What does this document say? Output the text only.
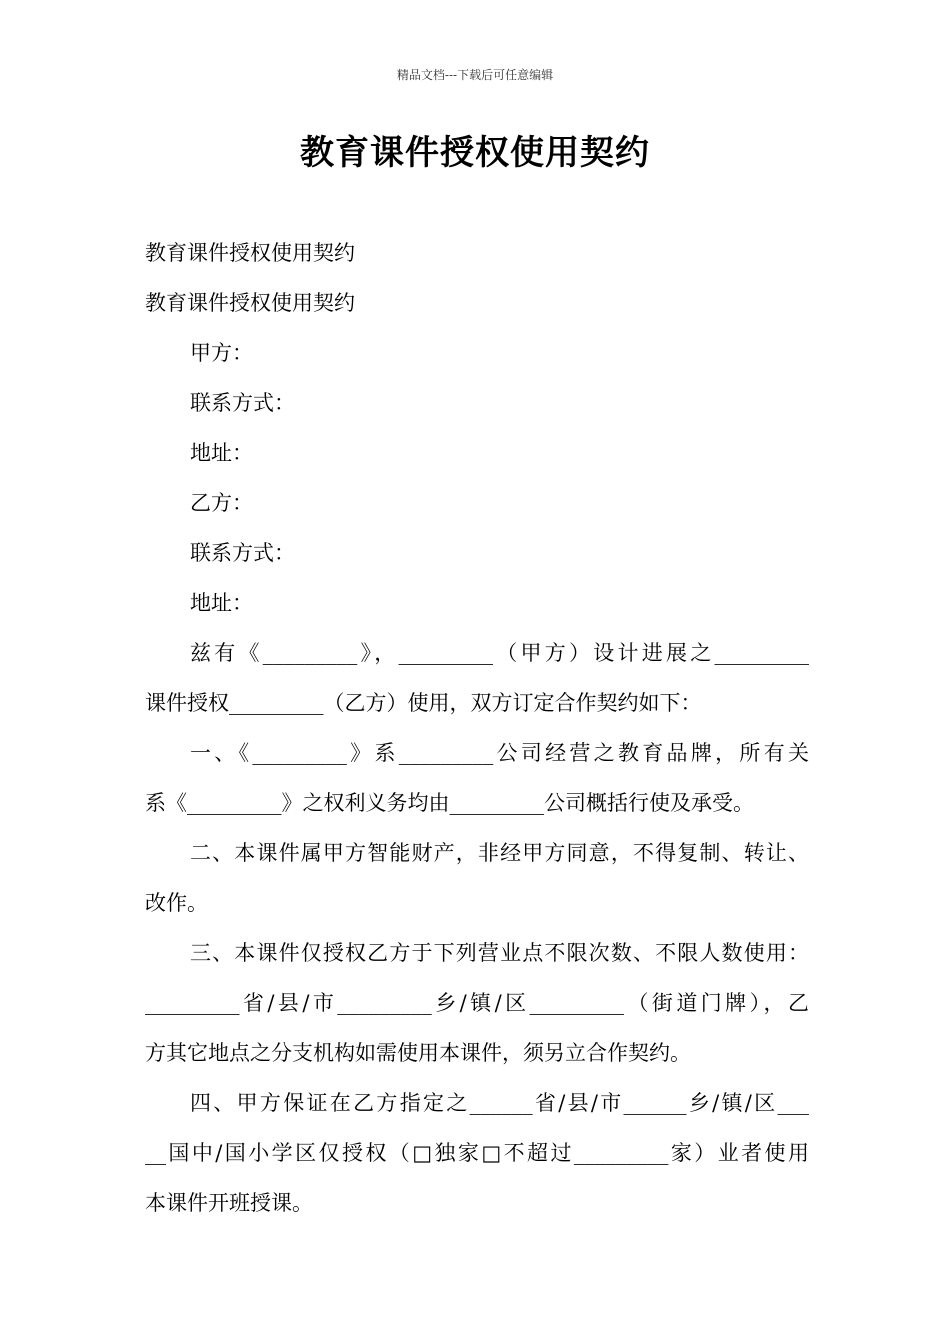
精品文档---下载后可任意编辑
教育课件授权使用契约
教育课件授权使用契约
教育课件授权使用契约
甲方：
联系方式：
地址：
乙方：
联系方式：
地址：
兹有《_________》，_________（甲方）设计进展之_________
课件授权_________（乙方）使用，双方订定合作契约如下：
一、《_________》系_________公司经营之教育品牌，所有关
系《_________》之权利义务均由_________公司概括行使及承受。
二、本课件属甲方智能财产，非经甲方同意，不得复制、转让、
改作。
三、本课件仅授权乙方于下列营业点不限次数、不限人数使用：
_________省/县/市_________乡/镇/区_________（街道门牌），乙
方其它地点之分支机构如需使用本课件，须另立合作契约。
四、甲方保证在乙方指定之______省/县/市______乡/镇/区___
__国中/国小学区仅授权（□独家□不超过_________家）业者使用
本课件开班授课。
